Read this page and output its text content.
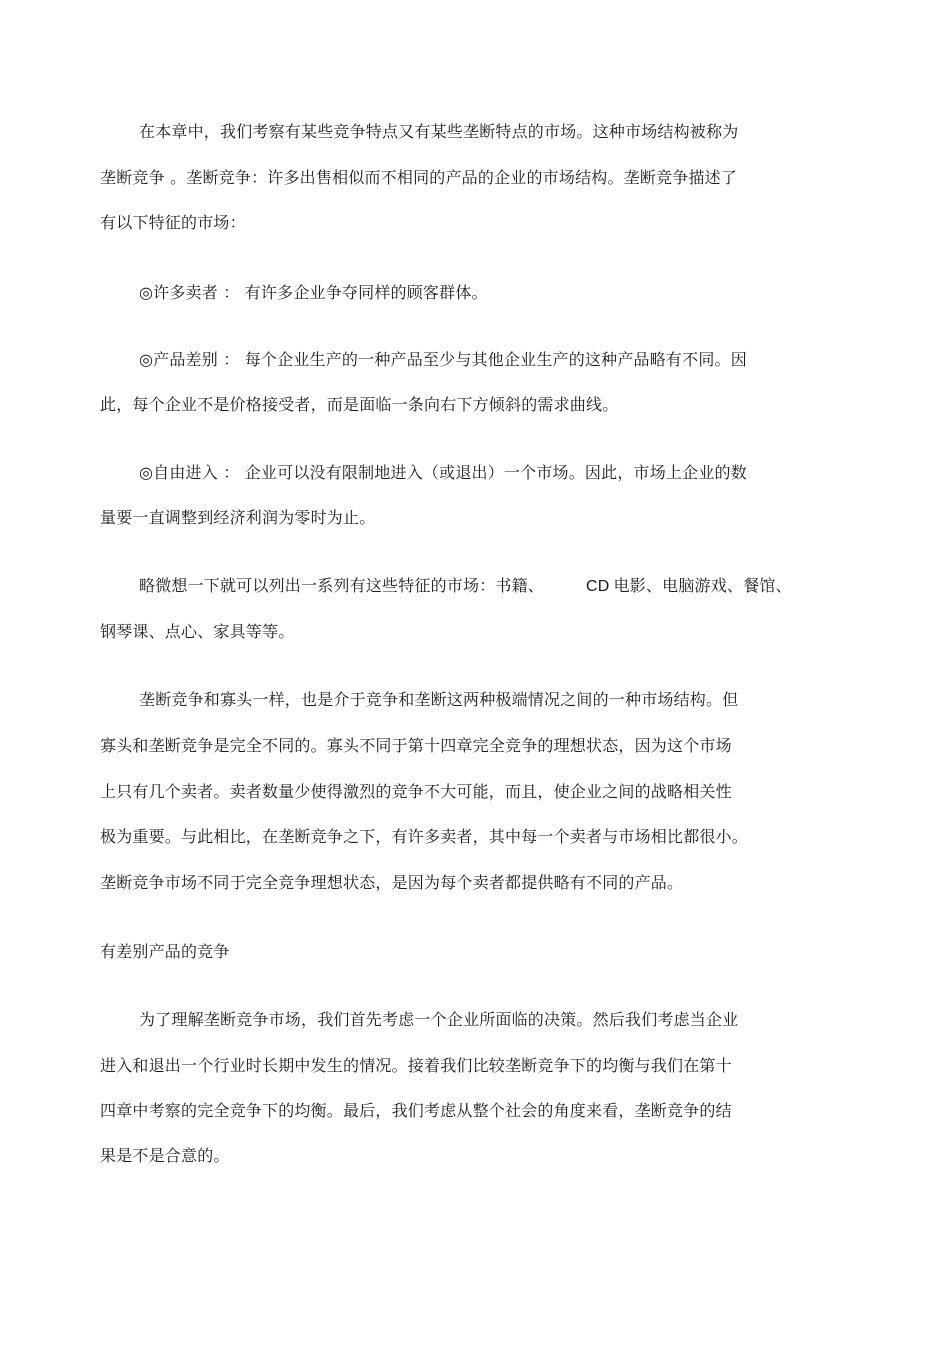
在本章中，我们考察有某些竞争特点又有某些垄断特点的市场。这种市场结构被称为
垄断竞争 。垄断竞争：许多出售相似而不相同的产品的企业的市场结构。垄断竞争描述了
有以下特征的市场：
◎许多卖者 ： 有许多企业争夺同样的顾客群体。
◎产品差别 ： 每个企业生产的一种产品至少与其他企业生产的这种产品略有不同。因
此，每个企业不是价格接受者，而是面临一条向右下方倾斜的需求曲线。
◎自由进入 ： 企业可以没有限制地进入（或退出）一个市场。因此，市场上企业的数
量要一直调整到经济利润为零时为止。
略微想一下就可以列出一系列有这些特征的市场：书籍、	CD 电影、电脑游戏、餐馆、
钢琴课、点心、家具等等。
垄断竞争和寡头一样，也是介于竞争和垄断这两种极端情况之间的一种市场结构。但
寡头和垄断竞争是完全不同的。寡头不同于第十四章完全竞争的理想状态，因为这个市场
上只有几个卖者。卖者数量少使得激烈的竞争不大可能，而且，使企业之间的战略相关性
极为重要。与此相比，在垄断竞争之下，有许多卖者，其中每一个卖者与市场相比都很小。
垄断竞争市场不同于完全竞争理想状态，是因为每个卖者都提供略有不同的产品。
有差别产品的竞争
为了理解垄断竞争市场，我们首先考虑一个企业所面临的决策。然后我们考虑当企业
进入和退出一个行业时长期中发生的情况。接着我们比较垄断竞争下的均衡与我们在第十
四章中考察的完全竞争下的均衡。最后，我们考虑从整个社会的角度来看，垄断竞争的结
果是不是合意的。
